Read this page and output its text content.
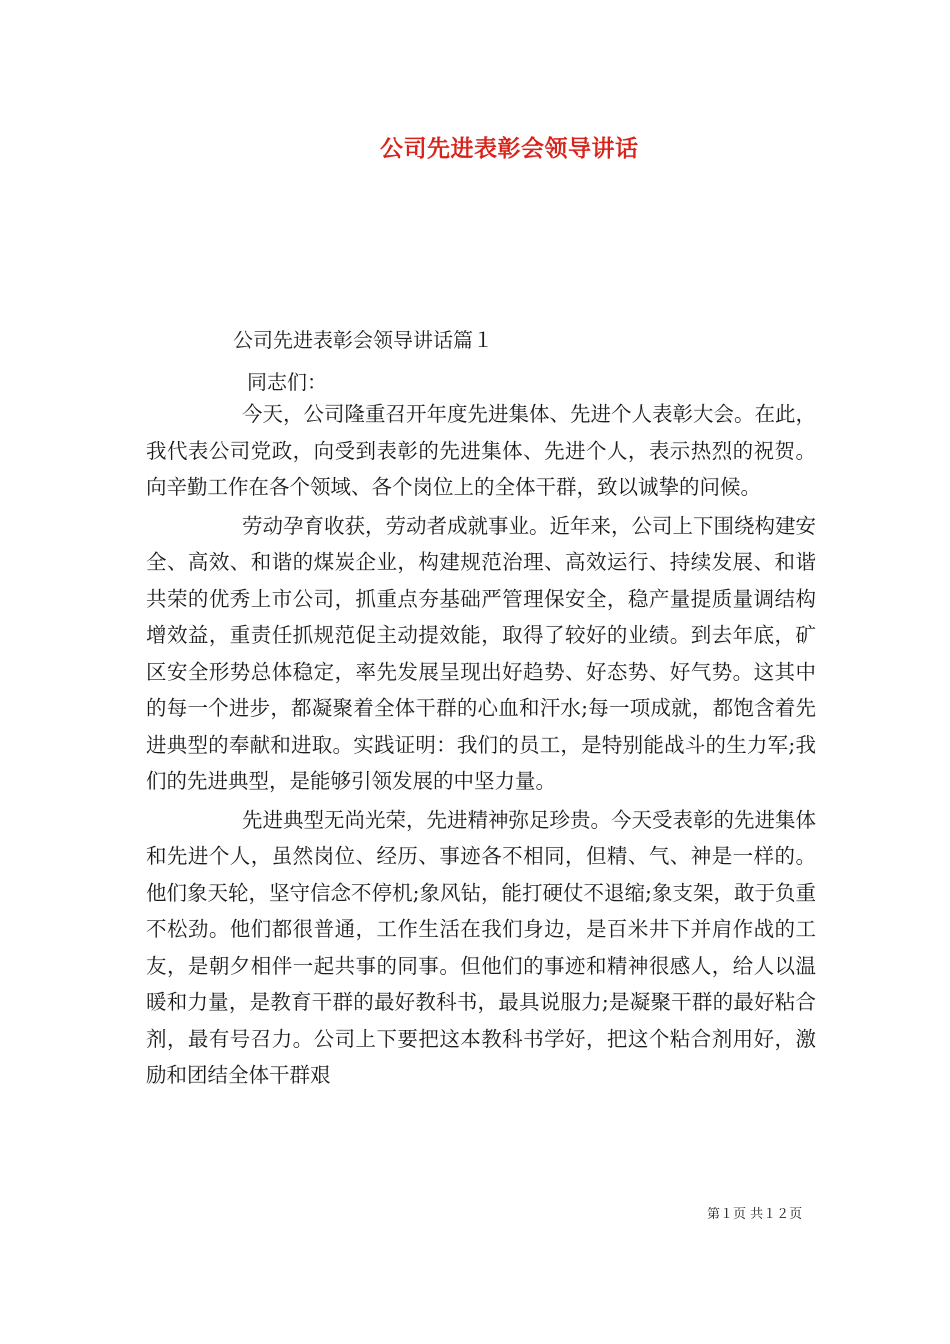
公司先进表彰会领导讲话
公司先进表彰会领导讲话篇１
同志们：

今天，公司隆重召开年度先进集体、先进个人表彰大会。在此，我代表公司党政，向受到表彰的先进集体、先进个人，表示热烈的祝贺。向辛勤工作在各个领域、各个岗位上的全体干群，致以诚挚的问候。

劳动孕育收获，劳动者成就事业。近年来，公司上下围绕构建安全、高效、和谐的煤炭企业，构建规范治理、高效运行、持续发展、和谐共荣的优秀上市公司，抓重点夯基础严管理保安全，稳产量提质量调结构增效益，重责任抓规范促主动提效能，取得了较好的业绩。到去年底，矿区安全形势总体稳定，率先发展呈现出好趋势、好态势、好气势。这其中的每一个进步，都凝聚着全体干群的心血和汗水;每一项成就，都饱含着先进典型的奉献和进取。实践证明：我们的员工，是特别能战斗的生力军;我们的先进典型，是能够引领发展的中坚力量。

先进典型无尚光荣，先进精神弥足珍贵。今天受表彰的先进集体和先进个人，虽然岗位、经历、事迹各不相同，但精、气、神是一样的。他们象天轮，坚守信念不停机;象风钻，能打硬仗不退缩;象支架，敢于负重不松劲。他们都很普通，工作生活在我们身边，是百米井下并肩作战的工友，是朝夕相伴一起共事的同事。但他们的事迹和精神很感人，给人以温暖和力量，是教育干群的最好教科书，最具说服力;是凝聚干群的最好粘合剂，最有号召力。公司上下要把这本教科书学好，把这个粘合剂用好，激励和团结全体干群艰

第１页 共１２页
